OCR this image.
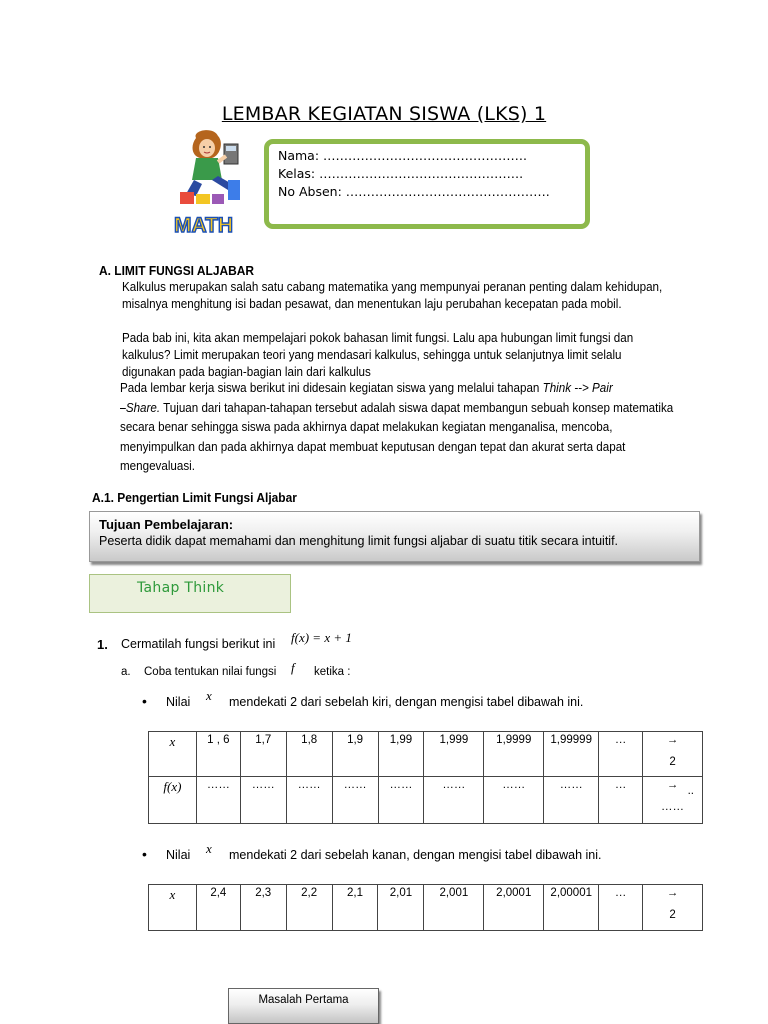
LEMBAR KEGIATAN SISWA (LKS) 1
MATH
Nama: ………………………………………….
Kelas: ………………………………………….
No Absen: ………………………………………….
A. LIMIT FUNGSI ALJABAR
Kalkulus merupakan salah satu cabang matematika yang mempunyai peranan penting dalam kehidupan, misalnya menghitung isi badan pesawat, dan menentukan laju perubahan kecepatan pada mobil.
Pada bab ini, kita akan mempelajari pokok bahasan limit fungsi. Lalu apa hubungan limit fungsi dan kalkulus? Limit merupakan teori yang mendasari kalkulus, sehingga untuk selanjutnya limit selalu digunakan pada bagian-bagian lain dari kalkulus
Pada lembar kerja siswa berikut ini didesain kegiatan siswa yang melalui tahapan Think --> Pair
⎯Share. Tujuan dari tahapan-tahapan tersebut adalah siswa dapat membangun sebuah konsep matematika secara benar sehingga siswa pada akhirnya dapat melakukan kegiatan menganalisa, mencoba, menyimpulkan dan pada akhirnya dapat membuat keputusan dengan tepat dan akurat serta dapat mengevaluasi.
A.1. Pengertian Limit Fungsi Aljabar
Tujuan Pembelajaran:
Peserta didik dapat memahami dan menghitung limit fungsi aljabar di suatu titik secara intuitif.
Tahap Think
1. Cermatilah fungsi berikut ini f(x) = x + 1
a. Coba tentukan nilai fungsi f ketika :
• Nilai x mendekati 2 dari sebelah kiri, dengan mengisi tabel dibawah ini.
x	1 , 6	1,7	1,8	1,9	1,99	1,999	1,9999	1,99999	…	→
2

f(x)	……	……	……	……	……	……	……	……	…	→ ..
……
• Nilai x mendekati 2 dari sebelah kanan, dengan mengisi tabel dibawah ini.
x	2,4	2,3	2,2	2,1	2,01	2,001	2,0001	2,00001	…	→
2
Masalah Pertama
